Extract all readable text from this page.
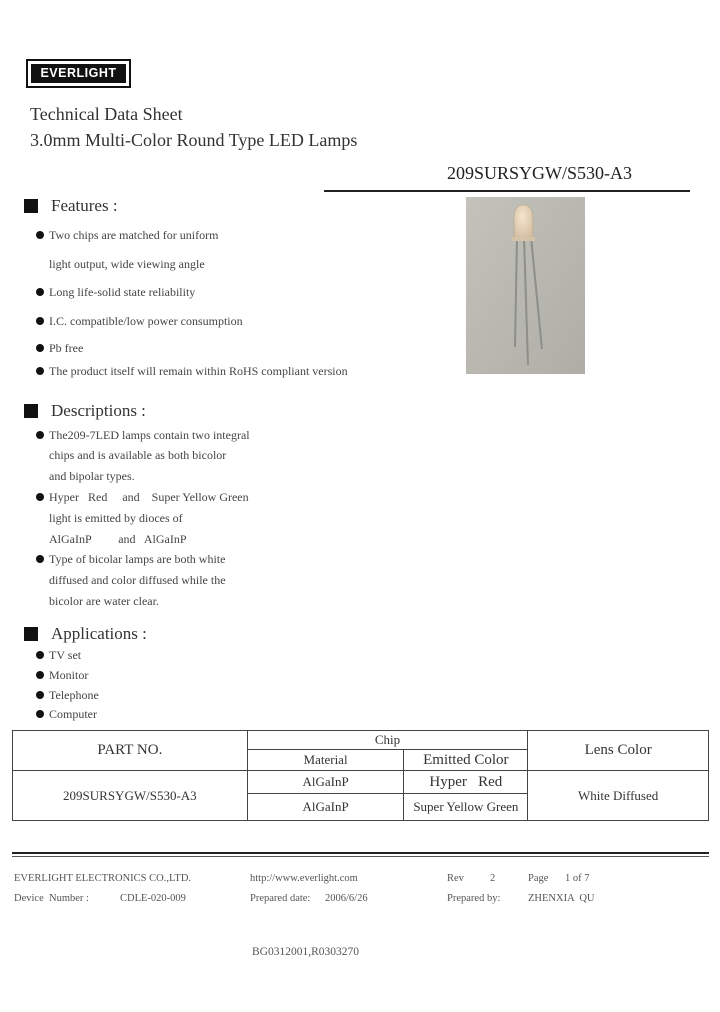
EVERLIGHT
Technical Data Sheet
3.0mm Multi-Color Round Type LED Lamps
209SURSYGW/S530-A3
Features :
Two chips are matched for uniform
light output, wide viewing angle
Long life-solid state reliability
I.C. compatible/low power consumption
Pb free
The product itself will remain within RoHS compliant version
Descriptions :
The209-7LED lamps contain two integral
chips and is available as both bicolor
and bipolar types.
Hyper   Red     and    Super Yellow Green
light is emitted by dioces of
AlGaInP         and   AlGaInP
Type of bicolar lamps are both white
diffused and color diffused while the
bicolor are water clear.
Applications :
TV set
Monitor
Telephone
Computer
PART NO.	Chip		Lens Color
	Material	Emitted Color	
209SURSYGW/S530-A3	AlGaInP	Hyper   Red	White Diffused
	AlGaInP	Super Yellow Green	
EVERLIGHT ELECTRONICS CO.,LTD.	http://www.everlight.com	Rev 2	Page 1 of 7
Device  Number :	CDLE-020-009	Prepared date: 2006/6/26	Prepared by:	ZHENXIA  QU
BG0312001,R0303270
